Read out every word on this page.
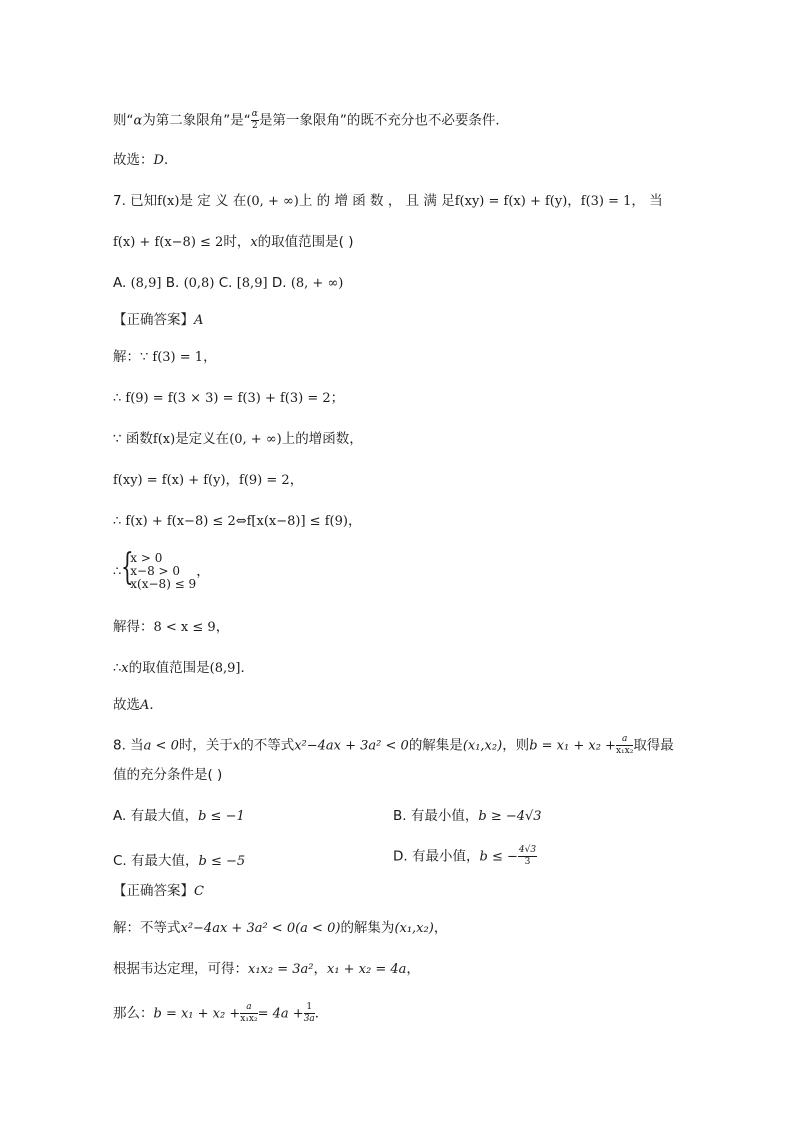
则“α为第二象限角”是“ $\frac{\alpha}{2}$ 是第一象限角”的既不充分也不必要条件．
故选：D．
7. 已知f(x)是 定 义 在(0, + ∞)上 的 增 函 数 ， 且 满 足f(xy) = f(x) + f(y)，f(3) = 1， 当
f(x) + f(x−8) ≤ 2时，x的取值范围是( )
A. (8,9] B. (0,8) C. [8,9] D. (8, + ∞)
【正确答案】A
解：∵ f(3) = 1，
∴ f(9) = f(3 × 3) = f(3) + f(3) = 2；
∵ 函数f(x)是定义在(0, + ∞)上的增函数，
f(xy) = f(x) + f(y)，f(9) = 2，
∴ f(x) + f(x−8) ≤ 2⇔f[x(x−8)] ≤ f(9)，
∴ {
x > 0
x−8 > 0
x(x−8) ≤ 9
，
解得：8 < x ≤ 9，
∴x的取值范围是(8,9]．
故选A．
8. 当a < 0时，关于x的不等式x²−4ax + 3a² < 0的解集是(x₁,x₂)，则$b = x_1 + x_2 + \frac{a}{\text{x₁x₂}}$ 取得最
值的充分条件是( )
A. 有最大值，b ≤ −1	B. 有最小值，b ≥ −4√3
C. 有最大值，b ≤ −5	D. 有最小值，b ≤ − $\frac{4√3}{3}$
【正确答案】C
解：不等式x²−4ax + 3a² < 0(a < 0)的解集为(x₁,x₂)，
根据韦达定理，可得：x₁x₂ = 3a²，x₁ + x₂ = 4a，
那么：$b = x_1 + x_2 + \frac{a}{\text{x₁x₂}} = 4a + \frac{1}{3a}$ ．
